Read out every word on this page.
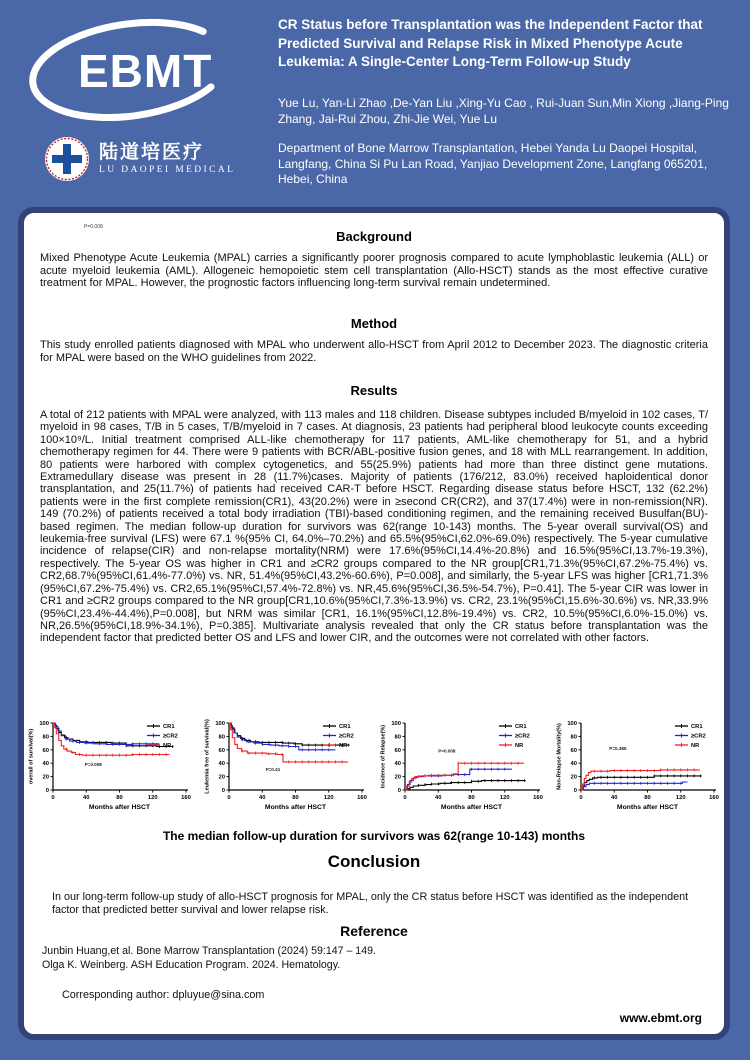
EBMT
陆道培医疗
LU DAOPEI MEDICAL
CR Status before Transplantation was the Independent Factor that Predicted Survival and Relapse Risk in Mixed Phenotype Acute Leukemia: A Single-Center Long-Term Follow-up Study
Yue Lu, Yan-Li Zhao ,De-Yan Liu ,Xing-Yu Cao , Rui-Juan Sun,Min Xiong ,Jiang-Ping Zhang, Jai-Rui Zhou, Zhi-Jie Wei, Yue Lu
Department of Bone Marrow Transplantation, Hebei Yanda Lu Daopei Hospital, Langfang, China Si Pu Lan Road, Yanjiao Development Zone, Langfang 065201, Hebei, China
P=0.008
Background
Mixed Phenotype Acute Leukemia (MPAL) carries a significantly poorer prognosis compared to acute lymphoblastic leukemia (ALL) or acute myeloid leukemia (AML). Allogeneic hemopoietic stem cell transplantation (Allo-HSCT) stands as the most effective curative treatment for MPAL. However, the prognostic factors influencing long-term survival remain undetermined.
Method
This study enrolled patients diagnosed with MPAL who underwent allo-HSCT from April 2012 to December 2023. The diagnostic criteria for MPAL were based on the WHO guidelines from 2022.
Results
A total of 212 patients with MPAL were analyzed, with 113 males and 118 children. Disease subtypes included B/myeloid in 102 cases, T/ myeloid in 98 cases, T/B in 5 cases, T/B/myeloid in 7 cases. At diagnosis, 23 patients had peripheral blood leukocyte counts exceeding 100×10⁹/L. Initial treatment comprised ALL-like chemotherapy for 117 patients, AML-like chemotherapy for 51, and a hybrid chemotherapy regimen for 44. There were 9 patients with BCR/ABL-positive fusion genes, and 18 with MLL rearrangement. In addition, 80 patients were harbored with complex cytogenetics, and 55(25.9%) patients had more than three distinct gene mutations. Extramedullary disease was present in 28 (11.7%)cases. Majority of patients (176/212, 83.0%) received haploidentical donor transplantation, and 25(11.7%) of patients had received CAR-T before HSCT. Regarding disease status before HSCT, 132 (62.2%) patients were in the first complete remission(CR1), 43(20.2%) were in ≥second CR(CR2), and 37(17.4%) were in non-remission(NR). 149 (70.2%) of patients received a total body irradiation (TBI)-based conditioning regimen, and the remaining received Busulfan(BU)-based regimen. The median follow-up duration for survivors was 62(range 10-143) months. The 5-year overall survival(OS) and leukemia-free survival (LFS) were 67.1 %(95% CI, 64.0%–70.2%) and 65.5%(95%CI,62.0%-69.0%) respectively. The 5-year cumulative incidence of relapse(CIR) and non-relapse mortality(NRM) were 17.6%(95%CI,14.4%-20.8%) and 16.5%(95%CI,13.7%-19.3%), respectively. The 5-year OS was higher in CR1 and ≥CR2 groups compared to the NR group[CR1,71.3%(95%CI,67.2%-75.4%) vs. CR2,68.7%(95%CI,61.4%-77.0%) vs. NR, 51.4%(95%CI,43.2%-60.6%), P=0.008], and similarly, the 5-year LFS was higher [CR1,71.3%(95%CI,67.2%-75.4%) vs. CR2,65.1%(95%CI,57.4%-72.8%) vs. NR,45.6%(95%CI,36.5%-54.7%), P=0.41]. The 5-year CIR was lower in CR1 and ≥CR2 groups compared to the NR group[CR1,10.6%(95%CI,7.3%-13.9%) vs. CR2, 23.1%(95%CI,15.6%-30.6%) vs. NR,33.9%(95%CI,23.4%-44.4%),P=0.008], but NRM was similar [CR1, 16.1%(95%CI,12.8%-19.4%) vs. CR2, 10.5%(95%CI,6.0%-15.0%) vs. NR,26.5%(95%CI,18.9%-34.1%), P=0.385]. Multivariate analysis revealed that only the CR status before transplantation was the independent factor that predicted better OS and LFS and lower CIR, and the outcomes were not correlated with other factors.
0
20
40
60
80
100
0	40	80	120	160
Months after HSCT
overall of survival(%)	P=0.008
CR1
≥CR2
NR
0
20
40
60
80
100
0	40	80	120	160
Months after HSCT
Leukemia free of survival(%)	P=0.41
CR1
≥CR2
NR
0
20
40
60
80
100
0	40	80	120	160
Months after HSCT
Incidence of Relapse(%)	P=0.008
CR1
≥CR2
NR
0
20
40
60
80
100
0	40	80	120	160
Months after HSCT
Non-Relapse Mortality(%)	P=0.385
CR1
≥CR2
NR
The median follow-up duration for survivors was 62(range 10-143) months
Conclusion
In our long-term follow-up study of allo-HSCT prognosis for MPAL, only the CR status before HSCT was identified as the independent factor that predicted better survival and lower relapse risk.
Reference
Junbin Huang,et al. Bone Marrow Transplantation (2024) 59:147 – 149.
Olga K. Weinberg. ASH Education Program. 2024. Hematology.
Corresponding author: dpluyue@sina.com
www.ebmt.org
